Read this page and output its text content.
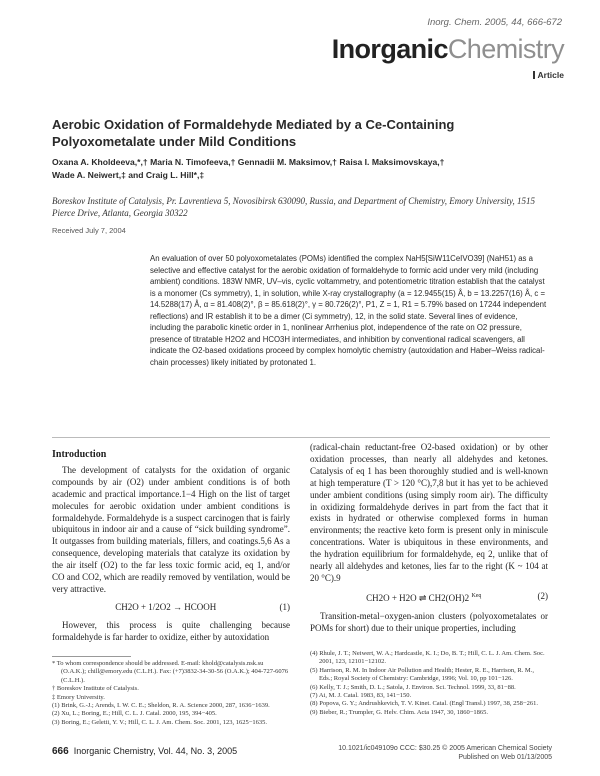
Inorg. Chem. 2005, 44, 666-672
InorganicChemistry
Article
Aerobic Oxidation of Formaldehyde Mediated by a Ce-Containing Polyoxometalate under Mild Conditions
Oxana A. Kholdeeva,*,† Maria N. Timofeeva,† Gennadii M. Maksimov,† Raisa I. Maksimovskaya,†
Wade A. Neiwert,‡ and Craig L. Hill*,‡
Boreskov Institute of Catalysis, Pr. Lavrentieva 5, Novosibirsk 630090, Russia, and Department of Chemistry, Emory University, 1515 Pierce Drive, Atlanta, Georgia 30322
Received July 7, 2004
An evaluation of over 50 polyoxometalates (POMs) identified the complex NaH5[SiW11CeIVO39] (NaH51) as a selective and effective catalyst for the aerobic oxidation of formaldehyde to formic acid under very mild (including ambient) conditions. 183W NMR, UV–vis, cyclic voltammetry, and potentiometric titration establish that the catalyst is a monomer (Cs symmetry), 1, in solution, while X-ray crystallography (a = 12.9455(15) Å, b = 13.2257(16) Å, c = 14.5288(17) Å, α = 81.408(2)°, β = 85.618(2)°, γ = 80.726(2)°, P1, Z = 1, R1 = 5.79% based on 17244 independent reflections) and IR establish it to be a dimer (Ci symmetry), 12, in the solid state. Several lines of evidence, including the parabolic kinetic order in 1, nonlinear Arrhenius plot, independence of the rate on O2 pressure, presence of titratable H2O2 and HCO3H intermediates, and inhibition by conventional radical scavengers, all indicate the O2-based oxidations proceed by complex homolytic chemistry (autoxidation and Haber–Weiss radical-chain processes) likely initiated by protonated 1.
Introduction

The development of catalysts for the oxidation of organic compounds by air (O2) under ambient conditions is of both academic and practical importance.1−4 High on the list of target molecules for aerobic oxidation under ambient conditions is formaldehyde. Formaldehyde is a suspect carcinogen that is fairly ubiquitous in indoor air and a cause of “sick building syndrome”. It outgasses from building materials, fillers, and coatings.5,6 As a consequence, developing materials that catalyze its oxidation by the air itself (O2) to the far less toxic formic acid, eq 1, and/or CO and CO2, which are readily removed by ventilation, would be very attractive.

CH2O + 1/2O2 → HCOOH	(1)

However, this process is quite challenging because formaldehyde is far harder to oxidize, either by autoxidation

(radical-chain reductant-free O2-based oxidation) or by other oxidation processes, than nearly all aldehydes and ketones. Catalysis of eq 1 has been thoroughly studied and is well-known at high temperature (T > 120 °C),7,8 but it has yet to be achieved under ambient conditions (using simply room air). The difficulty in oxidizing formaldehyde derives in part from the fact that it exists in hydrated or otherwise complexed forms in human environments; the reactive keto form is present only in miniscule concentrations. Water is ubiquitous in these environments, and the hydration equilibrium for formaldehyde, eq 2, unlike that of nearly all aldehydes and ketones, lies far to the right (K ~ 104 at 20 °C).9

CH2O + H2O ⇌ CH2(OH)2 $^{Keq}$	(2)

Transition-metal−oxygen-anion clusters (polyoxometalates or POMs for short) due to their unique properties, including

* To whom correspondence should be addressed. E-mail: khold@catalysis.nsk.su (O.A.K.); chill@emory.edu (C.L.H.). Fax: (+7)3832-34-30-56 (O.A.K.); 404-727-6076 (C.L.H.).
† Boreskov Institute of Catalysis.
‡ Emory University.
(1) Brink, G.-J.; Arends, I. W. C. E.; Sheldon, R. A. Science 2000, 287, 1636−1639.
(2) Xu, L.; Boring, E.; Hill, C. L. J. Catal. 2000, 195, 394−405.
(3) Boring, E.; Geletii, Y. V.; Hill, C. L. J. Am. Chem. Soc. 2001, 123, 1625−1635.
(4) Rhule, J. T.; Neiwert, W. A.; Hardcastle, K. I.; Do, B. T.; Hill, C. L. J. Am. Chem. Soc. 2001, 123, 12101−12102.
(5) Harrison, R. M. In Indoor Air Pollution and Health; Hester, R. E., Harrison, R. M., Eds.; Royal Society of Chemistry: Cambridge, 1996; Vol. 10, pp 101−126.
(6) Kelly, T. J.; Smith, D. L.; Satola, J. Environ. Sci. Technol. 1999, 33, 81−88.
(7) Ai, M. J. Catal. 1983, 83, 141−150.
(8) Popova, G. Y.; Andrushkevich, T. V. Kinet. Catal. (Engl Transl.) 1997, 38, 258−261.
(9) Bieber, R.; Trumpler, G. Helv. Chim. Acta 1947, 30, 1860−1865.
666 Inorganic Chemistry, Vol. 44, No. 3, 2005	10.1021/ic049109o CCC: $30.25 © 2005 American Chemical Society
Published on Web 01/13/2005
